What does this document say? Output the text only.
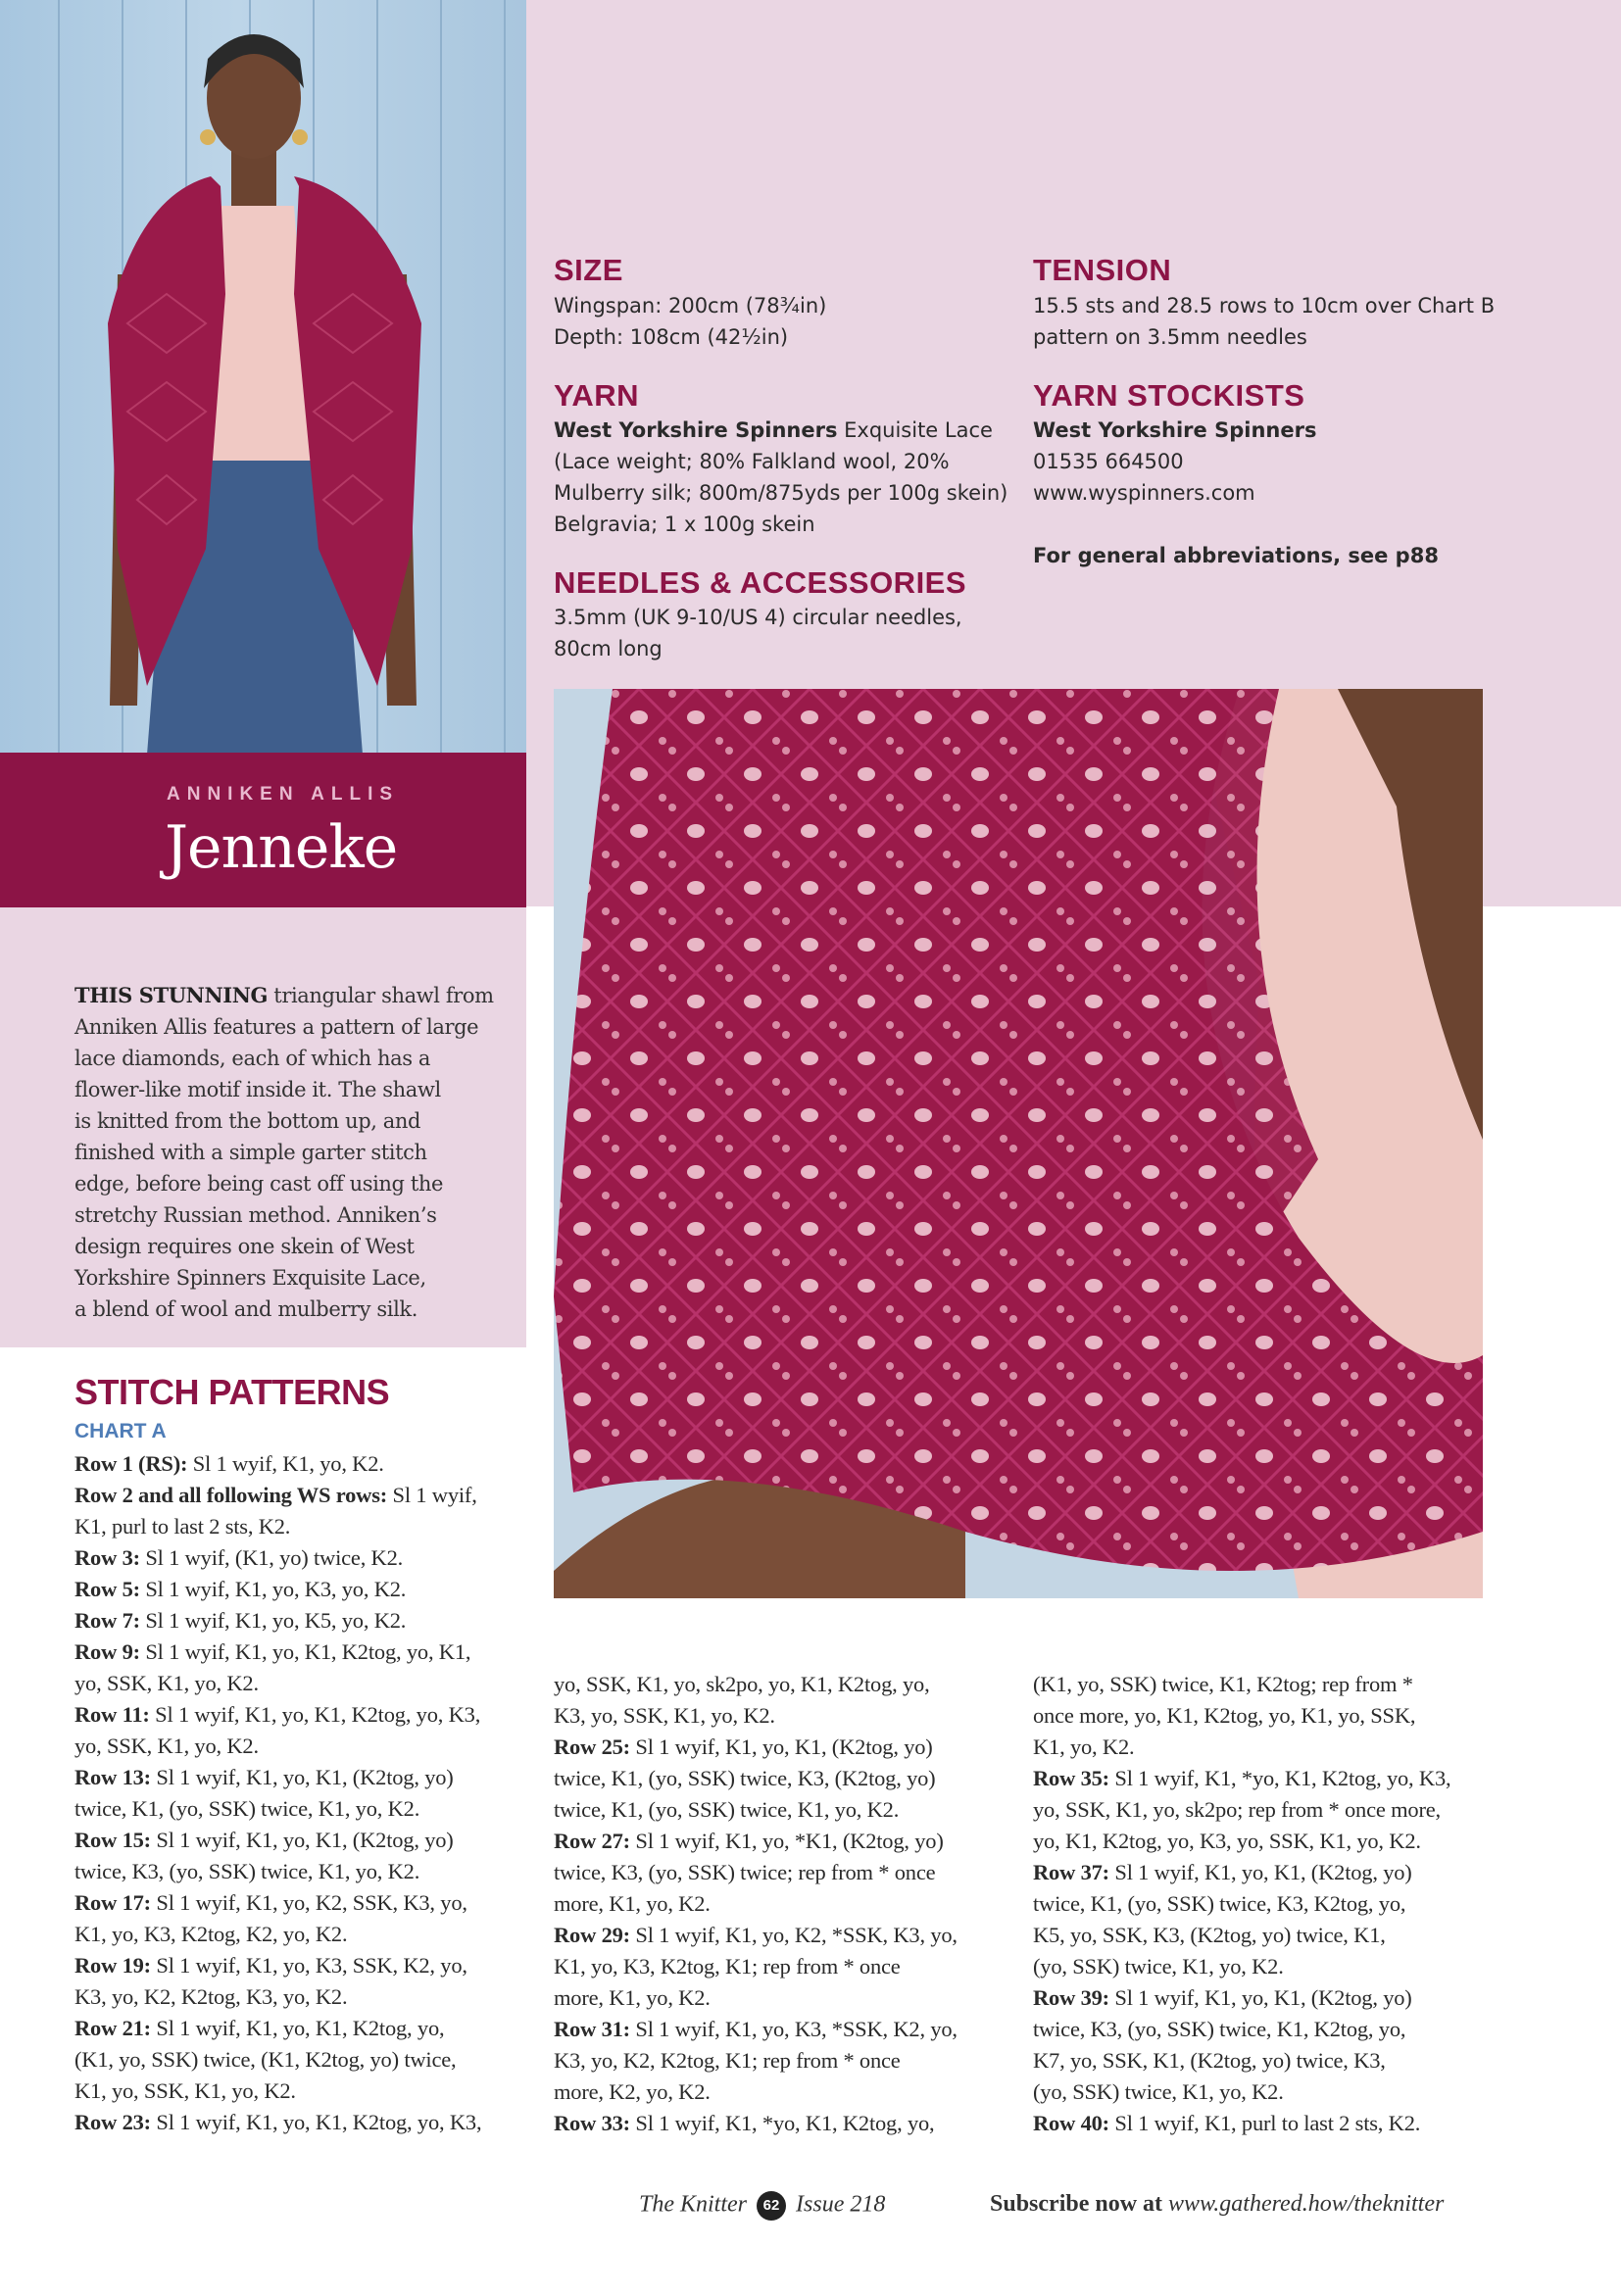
ANNIKEN ALLIS
Jenneke
SIZE
Wingspan: 200cm (78¾in)
Depth: 108cm (42½in)
YARN
West Yorkshire Spinners Exquisite Lace
(Lace weight; 80% Falkland wool, 20%
Mulberry silk; 800m/875yds per 100g skein)
Belgravia; 1 x 100g skein
NEEDLES & ACCESSORIES
3.5mm (UK 9-10/US 4) circular needles,
80cm long
TENSION
15.5 sts and 28.5 rows to 10cm over Chart B
pattern on 3.5mm needles
YARN STOCKISTS
West Yorkshire Spinners
01535 664500
www.wyspinners.com
For general abbreviations, see p88
THIS STUNNING triangular shawl from
Anniken Allis features a pattern of large
lace diamonds, each of which has a
flower-like motif inside it. The shawl
is knitted from the bottom up, and
finished with a simple garter stitch
edge, before being cast off using the
stretchy Russian method. Anniken’s
design requires one skein of West
Yorkshire Spinners Exquisite Lace,
a blend of wool and mulberry silk.
STITCH PATTERNS
CHART A
Row 1 (RS): Sl 1 wyif, K1, yo, K2.
Row 2 and all following WS rows: Sl 1 wyif,
K1, purl to last 2 sts, K2.
Row 3: Sl 1 wyif, (K1, yo) twice, K2.
Row 5: Sl 1 wyif, K1, yo, K3, yo, K2.
Row 7: Sl 1 wyif, K1, yo, K5, yo, K2.
Row 9: Sl 1 wyif, K1, yo, K1, K2tog, yo, K1,
yo, SSK, K1, yo, K2.
Row 11: Sl 1 wyif, K1, yo, K1, K2tog, yo, K3,
yo, SSK, K1, yo, K2.
Row 13: Sl 1 wyif, K1, yo, K1, (K2tog, yo)
twice, K1, (yo, SSK) twice, K1, yo, K2.
Row 15: Sl 1 wyif, K1, yo, K1, (K2tog, yo)
twice, K3, (yo, SSK) twice, K1, yo, K2.
Row 17: Sl 1 wyif, K1, yo, K2, SSK, K3, yo,
K1, yo, K3, K2tog, K2, yo, K2.
Row 19: Sl 1 wyif, K1, yo, K3, SSK, K2, yo,
K3, yo, K2, K2tog, K3, yo, K2.
Row 21: Sl 1 wyif, K1, yo, K1, K2tog, yo,
(K1, yo, SSK) twice, (K1, K2tog, yo) twice,
K1, yo, SSK, K1, yo, K2.
Row 23: Sl 1 wyif, K1, yo, K1, K2tog, yo, K3,
yo, SSK, K1, yo, sk2po, yo, K1, K2tog, yo,
K3, yo, SSK, K1, yo, K2.
Row 25: Sl 1 wyif, K1, yo, K1, (K2tog, yo)
twice, K1, (yo, SSK) twice, K3, (K2tog, yo)
twice, K1, (yo, SSK) twice, K1, yo, K2.
Row 27: Sl 1 wyif, K1, yo, *K1, (K2tog, yo)
twice, K3, (yo, SSK) twice; rep from * once
more, K1, yo, K2.
Row 29: Sl 1 wyif, K1, yo, K2, *SSK, K3, yo,
K1, yo, K3, K2tog, K1; rep from * once
more, K1, yo, K2.
Row 31: Sl 1 wyif, K1, yo, K3, *SSK, K2, yo,
K3, yo, K2, K2tog, K1; rep from * once
more, K2, yo, K2.
Row 33: Sl 1 wyif, K1, *yo, K1, K2tog, yo,
(K1, yo, SSK) twice, K1, K2tog; rep from *
once more, yo, K1, K2tog, yo, K1, yo, SSK,
K1, yo, K2.
Row 35: Sl 1 wyif, K1, *yo, K1, K2tog, yo, K3,
yo, SSK, K1, yo, sk2po; rep from * once more,
yo, K1, K2tog, yo, K3, yo, SSK, K1, yo, K2.
Row 37: Sl 1 wyif, K1, yo, K1, (K2tog, yo)
twice, K1, (yo, SSK) twice, K3, K2tog, yo,
K5, yo, SSK, K3, (K2tog, yo) twice, K1,
(yo, SSK) twice, K1, yo, K2.
Row 39: Sl 1 wyif, K1, yo, K1, (K2tog, yo)
twice, K3, (yo, SSK) twice, K1, K2tog, yo,
K7, yo, SSK, K1, (K2tog, yo) twice, K3,
(yo, SSK) twice, K1, yo, K2.
Row 40: Sl 1 wyif, K1, purl to last 2 sts, K2.
The Knitter 62 Issue 218	Subscribe now at www.gathered.how/theknitter
